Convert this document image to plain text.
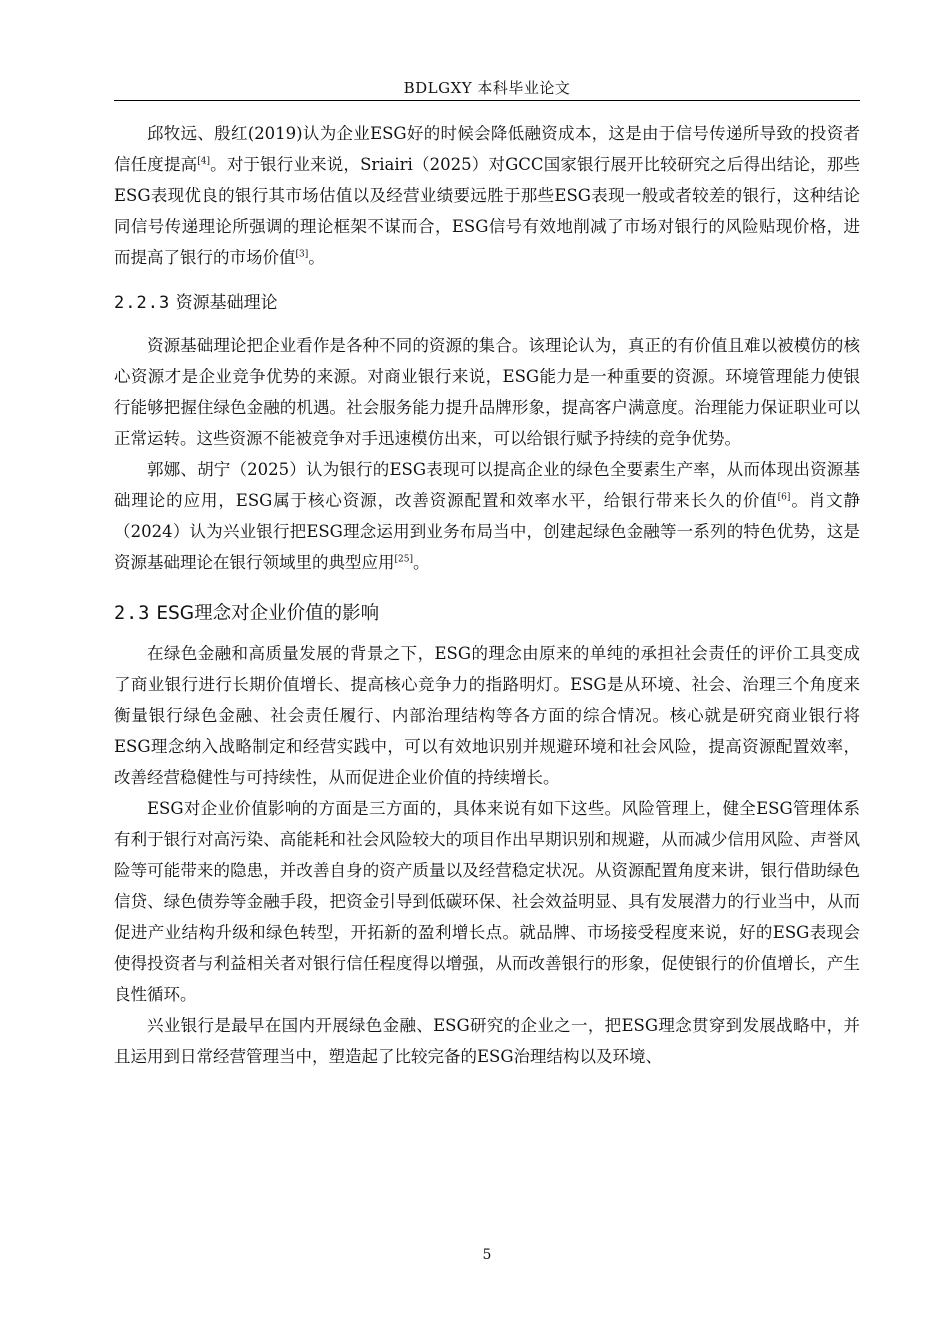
BDLGXY 本科毕业论文

邱牧远、殷红(2019)认为企业ESG好的时候会降低融资成本，这是由于信号传递所导致的投资者信任度提高[4]。对于银行业来说，Sriairi（2025）对GCC国家银行展开比较研究之后得出结论，那些ESG表现优良的银行其市场估值以及经营业绩要远胜于那些ESG表现一般或者较差的银行，这种结论同信号传递理论所强调的理论框架不谋而合，ESG信号有效地削减了市场对银行的风险贴现价格，进而提高了银行的市场价值[3]。

2.2.3 资源基础理论

资源基础理论把企业看作是各种不同的资源的集合。该理论认为，真正的有价值且难以被模仿的核心资源才是企业竞争优势的来源。对商业银行来说，ESG能力是一种重要的资源。环境管理能力使银行能够把握住绿色金融的机遇。社会服务能力提升品牌形象，提高客户满意度。治理能力保证职业可以正常运转。这些资源不能被竞争对手迅速模仿出来，可以给银行赋予持续的竞争优势。

郭娜、胡宁（2025）认为银行的ESG表现可以提高企业的绿色全要素生产率，从而体现出资源基础理论的应用，ESG属于核心资源，改善资源配置和效率水平，给银行带来长久的价值[6]。肖文静（2024）认为兴业银行把ESG理念运用到业务布局当中，创建起绿色金融等一系列的特色优势，这是资源基础理论在银行领域里的典型应用[25]。

2.3 ESG理念对企业价值的影响

在绿色金融和高质量发展的背景之下，ESG的理念由原来的单纯的承担社会责任的评价工具变成了商业银行进行长期价值增长、提高核心竞争力的指路明灯。ESG是从环境、社会、治理三个角度来衡量银行绿色金融、社会责任履行、内部治理结构等各方面的综合情况。核心就是研究商业银行将ESG理念纳入战略制定和经营实践中，可以有效地识别并规避环境和社会风险，提高资源配置效率，改善经营稳健性与可持续性，从而促进企业价值的持续增长。

ESG对企业价值影响的方面是三方面的，具体来说有如下这些。风险管理上，健全ESG管理体系有利于银行对高污染、高能耗和社会风险较大的项目作出早期识别和规避，从而减少信用风险、声誉风险等可能带来的隐患，并改善自身的资产质量以及经营稳定状况。从资源配置角度来讲，银行借助绿色信贷、绿色债券等金融手段，把资金引导到低碳环保、社会效益明显、具有发展潜力的行业当中，从而促进产业结构升级和绿色转型，开拓新的盈利增长点。就品牌、市场接受程度来说，好的ESG表现会使得投资者与利益相关者对银行信任程度得以增强，从而改善银行的形象，促使银行的价值增长，产生良性循环。

兴业银行是最早在国内开展绿色金融、ESG研究的企业之一，把ESG理念贯穿到发展战略中，并且运用到日常经营管理当中，塑造起了比较完备的ESG治理结构以及环境、

5
